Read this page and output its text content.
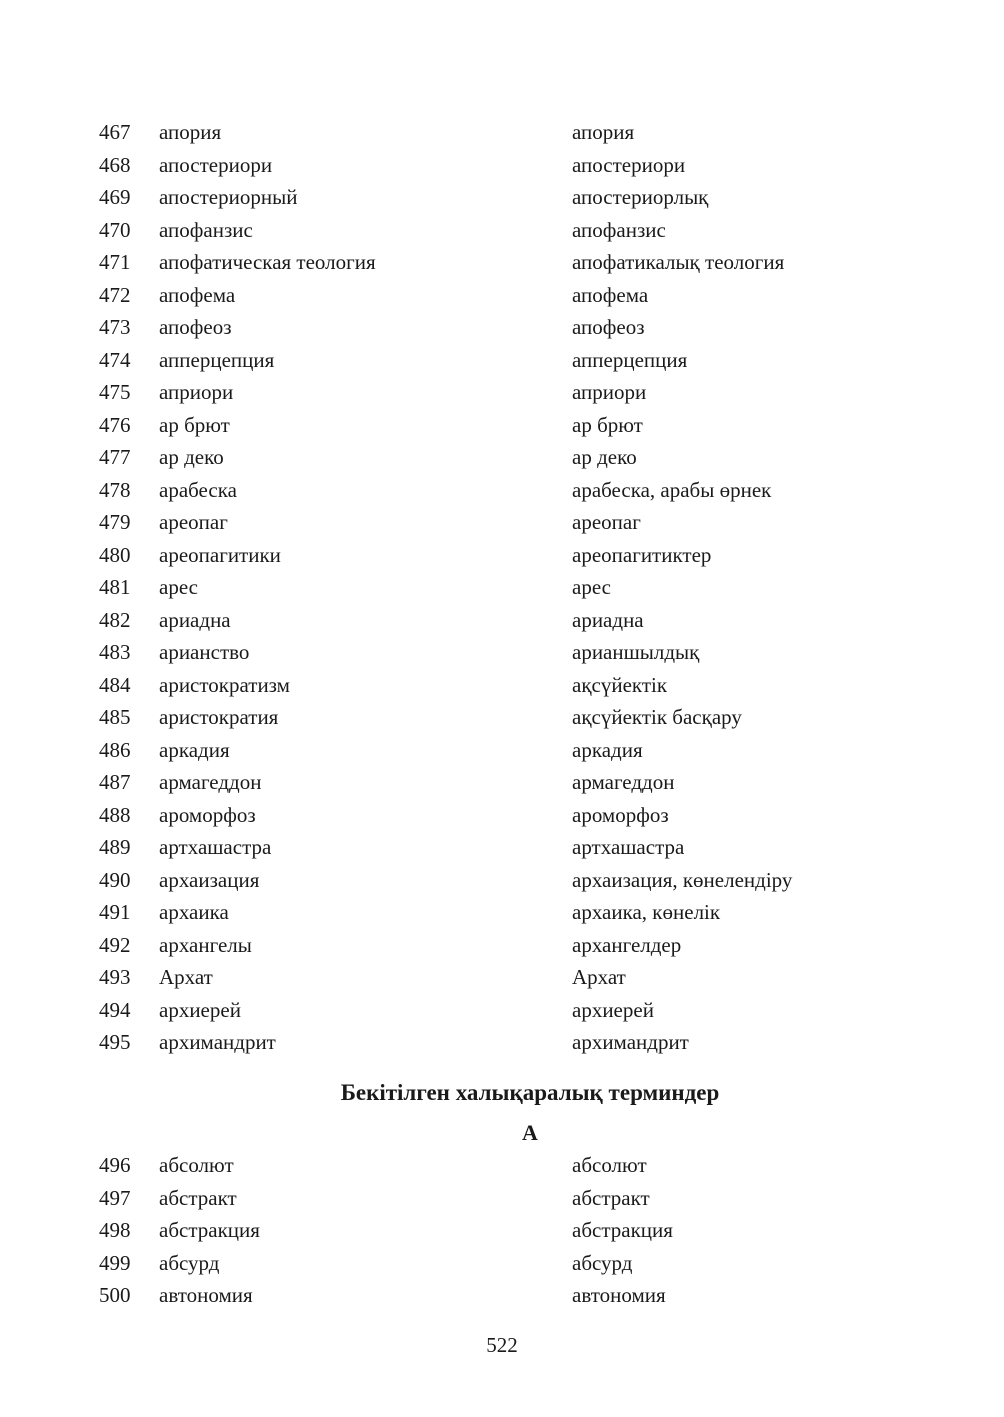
467 апория	апория
468 апостериори	апостериори
469 апостериорный	апостериорлық
470 апофанзис	апофанзис
471 апофатическая теология	апофатикалық теология
472 апофема	апофема
473 апофеоз	апофеоз
474 апперцепция	апперцепция
475 априори	априори
476 ар брют	ар брют
477 ар деко	ар деко
478 арабеска	арабеска, арабы өрнек
479 ареопаг	ареопаг
480 ареопагитики	ареопагитиктер
481 арес	арес
482 ариадна	ариадна
483 арианство	ариaншылдық
484 аристократизм	ақсүйектік
485 аристократия	ақсүйектік басқару
486 аркадия	аркадия
487 армагеддон	армагеддон
488 ароморфоз	ароморфоз
489 артхашастра	артхашастра
490 архаизация	архаизация, көнелендіру
491 архаика	архаика, көнелік
492 архангелы	архангелдер
493 Архат	Архат
494 архиерей	архиерей
495 архимандрит	архимандрит
Бекітілген халықаралық терминдер
А
496 абсолют	абсолют
497 абстракт	абстракт
498 абстракция	абстракция
499 абсурд	абсурд
500 автономия	автономия
522
